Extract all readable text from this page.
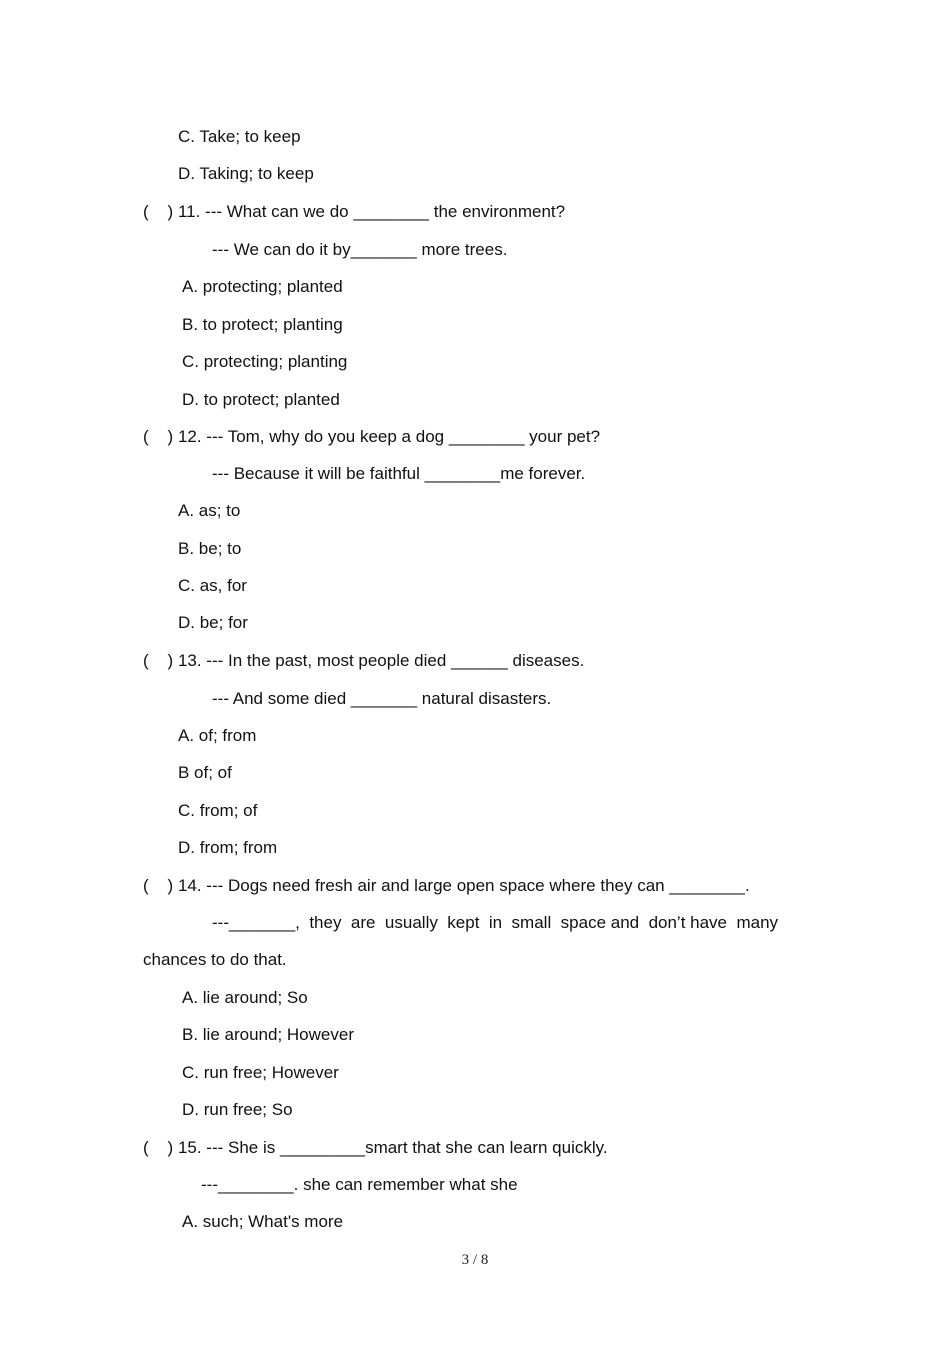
C. Take; to keep
D. Taking; to keep
(    ) 11. --- What can we do ________ the environment?
--- We can do it by_______ more trees.
A. protecting; planted
B. to protect; planting
C. protecting; planting
D. to protect; planted
(    ) 12. --- Tom, why do you keep a dog ________ your pet?
--- Because it will be faithful ________me forever.
A. as; to
B. be; to
C. as, for
D. be; for
(    ) 13. --- In the past, most people died ______ diseases.
--- And some died _______ natural disasters.
A. of; from
B of; of
C. from; of
D. from; from
(    ) 14. --- Dogs need fresh air and large open space where they can ________.
---_______,  they  are  usually  kept  in  small  space and  don’t have  many
chances to do that.
A. lie around; So
B. lie around; However
C. run free; However
D. run free; So
(    ) 15. --- She is _________smart that she can learn quickly.
---________. she can remember what she
A. such; What's more
3 / 8
